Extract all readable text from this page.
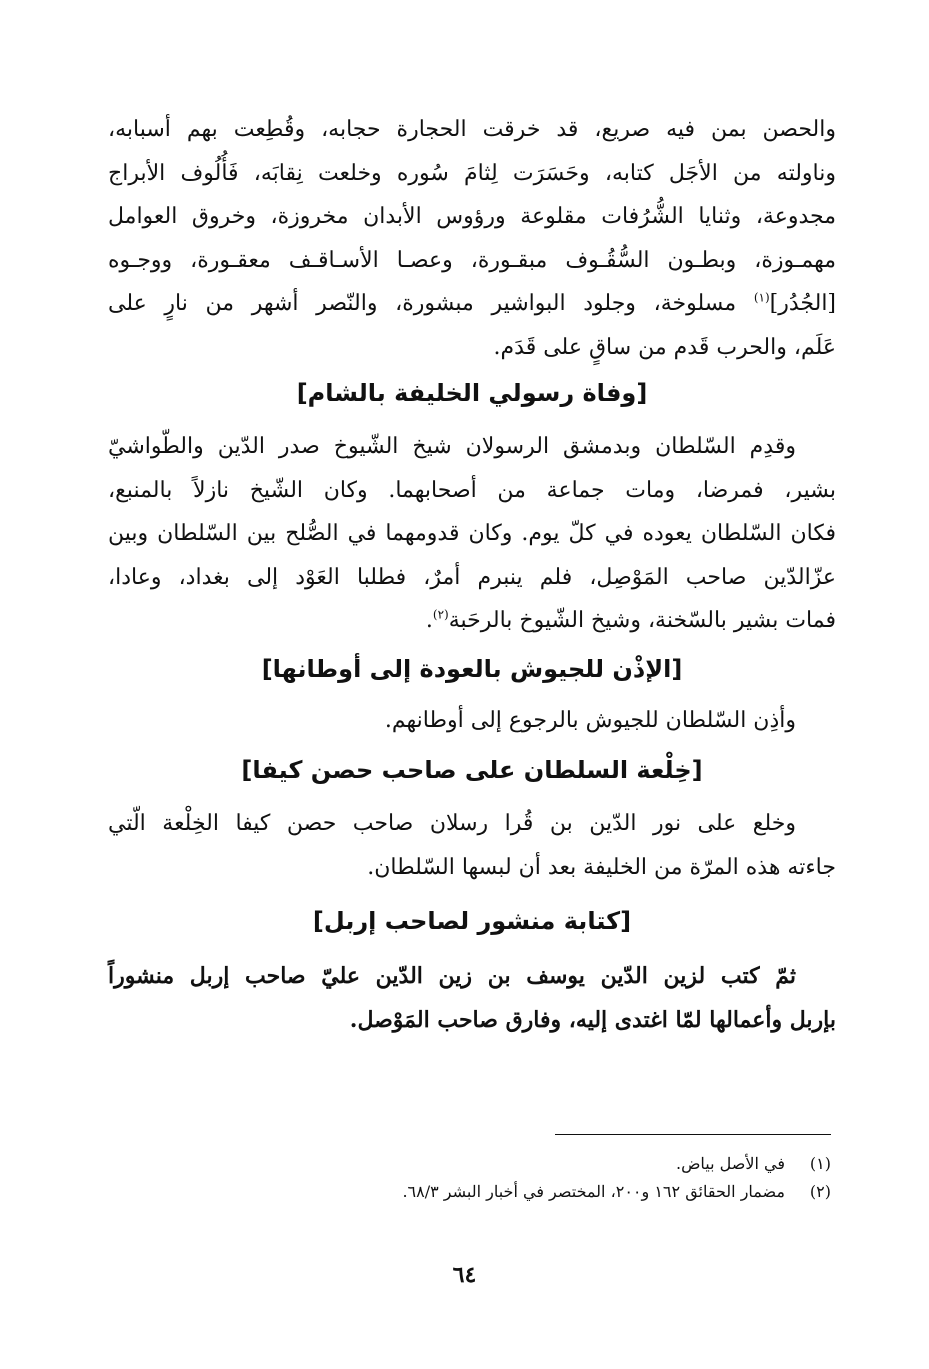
والحصن بمن فيه صريع، قد خرقت الحجارة حجابه، وقُطِعت بهم أسبابه،
وناولته من الأجَل كتابه، وحَسَرَت لِثامَ سُوره وخلعت نِقابَه، فَأُلُوف الأبراج
مجدوعة، وثنايا الشُّرُفات مقلوعة ورؤوس الأبدان مخروزة، وخروق العوامل
مهمـوزة، وبطـون السُّقُـوف مبقـورة، وعصـا الأسـاقـف معقـورة، ووجـوه
[الجُدُر]$^{(١)}$ مسلوخة، وجلود البواشير مبشورة، والنّصر أشهر من نارٍ على
عَلَم، والحرب قَدم من ساقٍ على قَدَم.

[وفاة رسولي الخليفة بالشام]

وقدِم السّلطان وبدمشق الرسولان شيخ الشّيوخ صدر الدّين والطّواشيّ
بشير، فمرضا، ومات جماعة من أصحابهما. وكان الشّيخ نازلاً بالمنبع،
فكان السّلطان يعوده في كلّ يوم. وكان قدومهما في الصُّلح بين السّلطان وبين
عزّالدّين صاحب المَوْصِل، فلم ينبرم أمرٌ، فطلبا العَوْد إلى بغداد، وعادا،
فمات بشير بالسّخنة، وشيخ الشّيوخ بالرحَبة$^{(٢)}$.

[الإذْن للجيوش بالعودة إلى أوطانها]

وأذِن السّلطان للجيوش بالرجوع إلى أوطانهم.

[خِلْعة السلطان على صاحب حصن كيفا]

وخلع على نور الدّين بن قُرا رسلان صاحب حصن كيفا الخِلْعة الّتي
جاءته هذه المرّة من الخليفة بعد أن لبسها السّلطان.

[كتابة منشور لصاحب إربل]

ثمّ كتب لزين الدّين يوسف بن زين الدّين عليّ صاحب إربل منشوراً
بإربل وأعمالها لمّا اغتدى إليه، وفارق صاحب المَوْصل.

(١)في الأصل بياض.
(٢)مضمار الحقائق ١٦٢ و٢٠٠، المختصر في أخبار البشر ٦٨/٣.
٦٤
